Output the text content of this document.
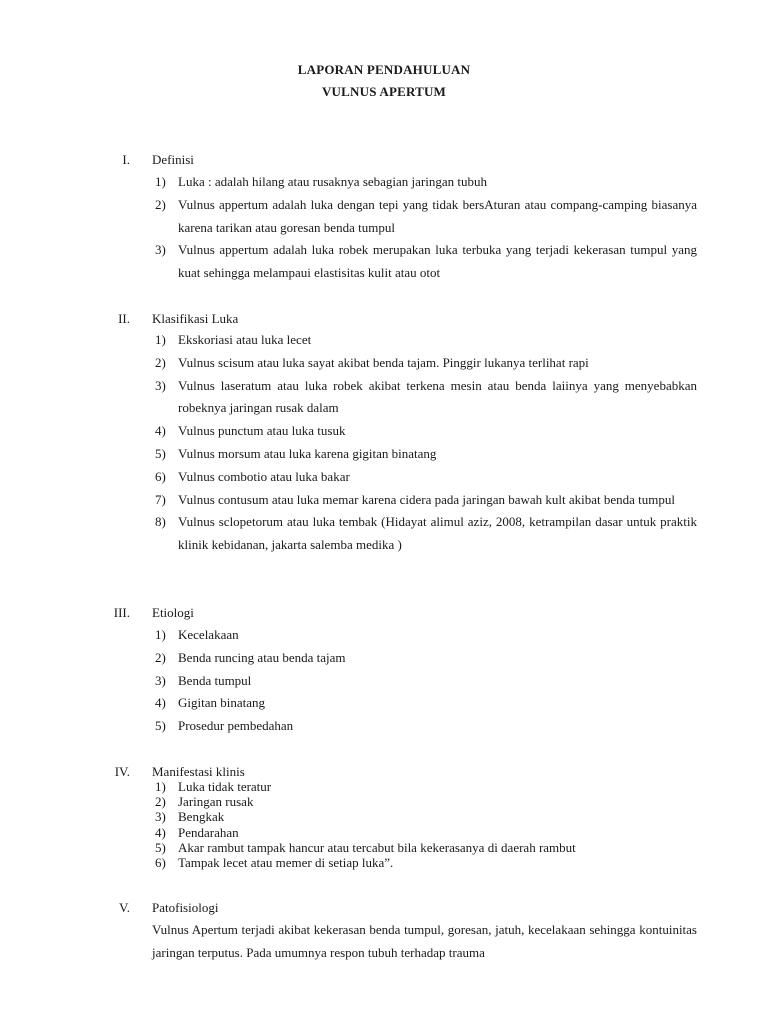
LAPORAN PENDAHULUAN

VULNUS APERTUM

I. Definisi
1) Luka : adalah hilang atau rusaknya sebagian jaringan tubuh
2) Vulnus appertum adalah luka dengan tepi yang tidak bersAturan atau compang-camping biasanya karena tarikan atau goresan benda tumpul
3) Vulnus appertum adalah luka robek merupakan luka terbuka yang terjadi kekerasan tumpul yang kuat sehingga melampaui elastisitas kulit atau otot
II. Klasifikasi Luka
1) Ekskoriasi atau luka lecet
2) Vulnus scisum atau luka sayat akibat benda tajam. Pinggir lukanya terlihat rapi
3) Vulnus laseratum atau luka robek akibat terkena mesin atau benda laiinya yang menyebabkan robeknya jaringan rusak dalam
4) Vulnus punctum atau luka tusuk
5) Vulnus morsum atau luka karena gigitan binatang
6) Vulnus combotio atau luka bakar
7) Vulnus contusum atau luka memar karena cidera pada jaringan bawah kult akibat benda tumpul
8) Vulnus sclopetorum atau luka tembak (Hidayat alimul aziz, 2008, ketrampilan dasar untuk praktik klinik kebidanan, jakarta salemba medika )
III. Etiologi
1) Kecelakaan
2) Benda runcing atau benda tajam
3) Benda tumpul
4) Gigitan binatang
5) Prosedur pembedahan
IV. Manifestasi klinis
1) Luka tidak teratur
2) Jaringan rusak
3) Bengkak
4) Pendarahan
5) Akar rambut tampak hancur atau tercabut bila kekerasanya di daerah rambut
6) Tampak lecet atau memer di setiap luka”.
V. Patofisiologi

Vulnus Apertum terjadi akibat kekerasan benda tumpul, goresan, jatuh, kecelakaan sehingga kontuinitas jaringan terputus. Pada umumnya respon tubuh terhadap trauma
